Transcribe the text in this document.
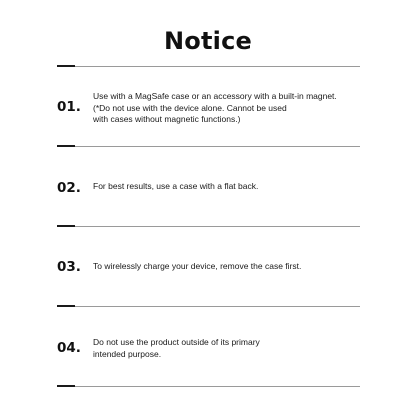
Notice
01.
Use with a MagSafe case or an accessory with a built-in magnet.
(*Do not use with the device alone. Cannot be used
with cases without magnetic functions.)
02. For best results, use a case with a flat back.
03. To wirelessly charge your device, remove the case first.
04. Do not use the product outside of its primary
intended purpose.
